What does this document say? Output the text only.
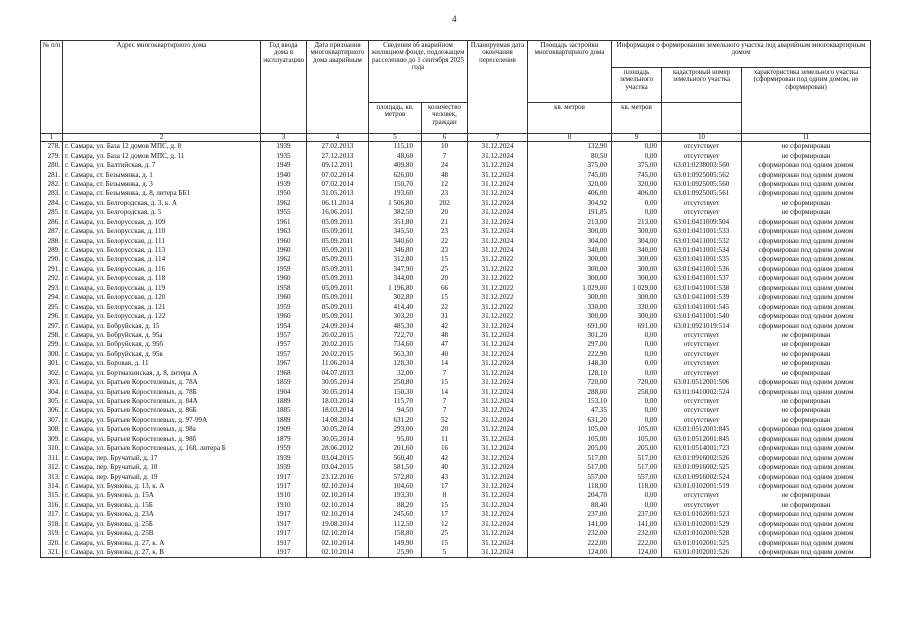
4
№ п/п	Адрес многоквартирного дома	Год ввода дома в эксплуатацию	Дата признания многоквартирного дома аварийным	Сведения об аварийном жилищном фонде, подлежащем расселению до 1 сентября 2025 года		Планируемая дата окончания переселения	Площадь застройки многоквартирного дома	Информация о формировании земельного участка под аварийным многоквартирным домом		
								площадь земельного участка	кадастровый номер земельного участка	характеристика земельного участка (сформирован под одним домом, не сформирован)
				площадь, кв. метров	количество человек, граждан		кв. метров	кв. метров		
1	2	3	4	5	6	7	8	9	10	11
278.	г. Самара, ул. База 12 домов МПС, д. 8	1939	27.02.2013	115,10	10	31.12.2024	132,90	0,00	отсутствует	не сформирован
279.	г. Самара, ул. База 12 домов МПС, д. 11	1935	27.12.2013	48,60	7	31.12.2024	80,50	0,00	отсутствует	не сформирован
280.	г. Самара, ул. Балтийская, д. 7	1949	09.12.2011	409,80	24	31.12.2024	375,00	375,00	63:01:0238003:560	сформирован под одним домом
281.	г. Самара, ст. Безымянка, д. 1	1940	07.02.2014	626,00	48	31.12.2024	745,00	745,00	63:01:0925005:562	сформирован под одним домом
282.	г. Самара, ст. Безымянка, д. 3	1939	07.02.2014	150,70	12	31.12.2024	320,00	320,00	63:01:0925005:560	сформирован под одним домом
283.	г. Самара, ст. Безымянка, д. 8, литера ББ1	1950	31.05.2013	193,60	23	31.12.2024	406,00	406,00	63:01:0925005:561	сформирован под одним домом
284.	г. Самара, ул. Белгородская, д. 3, к. А	1962	06.11.2014	1 506,80	202	31.12.2024	304,92	0,00	отсутствует	не сформирован
285.	г. Самара, ул. Белгородская, д. 5	1955	16.06.2011	382,50	20	31.12.2024	191,85	0,00	отсутствует	не сформирован
286.	г. Самара, ул. Белорусская, д. 109	1961	05.09.2011	351,80	21	31.12.2024	213,00	213,00	63:01:0411009:504	сформирован под одним домом
287.	г. Самара, ул. Белорусская, д. 110	1963	05.09.2011	345,50	23	31.12.2024	300,00	300,00	63:01:0411001:533	сформирован под одним домом
288.	г. Самара, ул. Белорусская, д. 111	1960	05.09.2011	340,60	22	31.12.2024	304,00	304,00	63:01:0411001:532	сформирован под одним домом
289.	г. Самара, ул. Белорусская, д. 113	1960	05.09.2011	346,80	23	31.12.2024	340,00	340,00	63:01:0411001:534	сформирован под одним домом
290.	г. Самара, ул. Белорусская, д. 114	1962	05.09.2011	312,80	15	31.12.2022	300,00	300,00	63:01:0411001:535	сформирован под одним домом
291.	г. Самара, ул. Белорусская, д. 116	1959	05.09.2011	347,90	25	31.12.2022	300,00	300,00	63:01:0411001:536	сформирован под одним домом
292.	г. Самара, ул. Белорусская, д. 118	1960	05.09.2011	344,00	20	31.12.2022	300,00	300,00	63:01:0411001:537	сформирован под одним домом
293.	г. Самара, ул. Белорусская, д. 119	1958	05.09.2011	1 196,80	66	31.12.2022	1 029,00	1 029,00	63:01:0411001:538	сформирован под одним домом
294.	г. Самара, ул. Белорусская, д. 120	1960	05.09.2011	302,80	15	31.12.2022	300,00	300,00	63:01:0411001:539	сформирован под одним домом
295.	г. Самара, ул. Белорусская, д. 121	1959	05.09.2011	414,40	22	31.12.2022	330,00	330,00	63:01:0411001:545	сформирован под одним домом
296.	г. Самара, ул. Белорусская, д. 122	1960	05.09.2011	303,20	31	31.12.2022	300,00	300,00	63:01:0411001:540	сформирован под одним домом
297.	г. Самара, ул. Бобруйская, д. 15	1954	24.09.2014	485,30	42	31.12.2024	691,00	691,00	63:01:0921019:514	сформирован под одним домом
298.	г. Самара, ул. Бобруйская, д. 95а	1957	20.02.2015	722,70	48	31.12.2024	301,20	0,00	отсутствует	не сформирован
299.	г. Самара, ул. Бобруйская, д. 95б	1957	20.02.2015	734,60	47	31.12.2024	297,00	0,00	отсутствует	не сформирован
300.	г. Самара, ул. Бобруйская, д. 95в	1957	20.02.2015	563,30	40	31.12.2024	222,90	0,00	отсутствует	не сформирован
301.	г. Самара, ул. Боровая, д. 11	1967	11.06.2014	128,30	14	31.12.2024	148,30	0,00	отсутствует	не сформирован
302.	г. Самара, ул. Бортмахинская, д. 8, литера А	1968	04.07.2013	32,00	7	31.12.2024	128,10	0,00	отсутствует	не сформирован
303.	г. Самара, ул. Братьев Коростелевых, д. 78А	1859	30.05.2014	250,80	15	31.12.2024	720,00	720,00	63:01:0512001:506	сформирован под одним домом
304.	г. Самара, ул. Братьев Коростелевых, д. 78Б	1904	30.05.2014	150,30	14	31.12.2024	288,00	258,00	63:01:0410002:524	сформирован под одним домом
305.	г. Самара, ул. Братьев Коростелевых, д. 84А	1889	18.03.2014	115,70	7	31.12.2024	153,10	0,00	отсутствует	не сформирован
306.	г. Самара, ул. Братьев Коростелевых, д. 86Б	1885	18.03.2014	94,50	7	31.12.2024	47,35	0,00	отсутствует	не сформирован
307.	г. Самара, ул. Братьев Коростелевых, д. 97-99А	1889	14.08.2014	631,20	52	31.12.2024	631,20	0,00	отсутствует	не сформирован
308.	г. Самара, ул. Братьев Коростелевых, д. 98а	1909	30.05.2014	293,00	20	31.12.2024	105,00	105,00	63:01:0512001:845	сформирован под одним домом
309.	г. Самара, ул. Братьев Коростелевых, д. 98б	1879	30.05.2014	95,00	11	31.12.2024	105,00	105,00	63:01:0512001:845	сформирован под одним домом
310.	г. Самара, ул. Братьев Коростелевых, д. 168, литера Б	1959	28.06.2012	201,60	16	31.12.2024	205,00	205,00	63:01:0514001:723	сформирован под одним домом
311.	г. Самара, пер. Бручатый, д. 17	1939	03.04.2015	560,40	42	31.12.2024	517,00	517,00	63:01:0916002:526	сформирован под одним домом
312.	г. Самара, пер. Бручатый, д. 18	1939	03.04.2015	581,50	40	31.12.2024	517,00	517,00	63:01:0916002:525	сформирован под одним домом
313.	г. Самара, пер. Бручатый, д. 19	1917	23.12.2016	572,80	43	31.12.2024	557,00	557,00	63:01:0916002:524	сформирован под одним домом
314.	г. Самара, ул. Буянова, д. 13, к. А	1917	02.10.2014	104,60	17	31.12.2024	118,00	118,00	63:01:0102001:519	сформирован под одним домом
315.	г. Самара, ул. Буянова, д. 15А	1910	02.10.2014	193,30	8	31.12.2024	204,70	0,00	отсутствует	не сформирован
316.	г. Самара, ул. Буянова, д. 15Б	1910	02.10.2014	88,20	15	31.12.2024	88,40	0,00	отсутствует	не сформирован
317.	г. Самара, ул. Буянова, д. 23А	1917	02.10.2014	245,60	17	31.12.2024	237,00	237,00	63:01:0102001:523	сформирован под одним домом
318.	г. Самара, ул. Буянова, д. 25Б	1917	19.08.2014	112,50	12	31.12.2024	141,00	141,00	63:01:0102001:529	сформирован под одним домом
319.	г. Самара, ул. Буянова, д. 25В	1917	02.10.2014	158,80	25	31.12.2024	232,00	232,00	63:01:0102001:528	сформирован под одним домом
320.	г. Самара, ул. Буянова, д. 27, к. А	1917	02.10.2014	149,90	15	31.12.2024	222,00	222,00	63:01:0102001:525	сформирован под одним домом
321.	г. Самара, ул. Буянова, д. 27, к. В	1917	02.10.2014	25,90	5	31.12.2024	124,00	124,00	63:01:0102001:526	сформирован под одним домом
